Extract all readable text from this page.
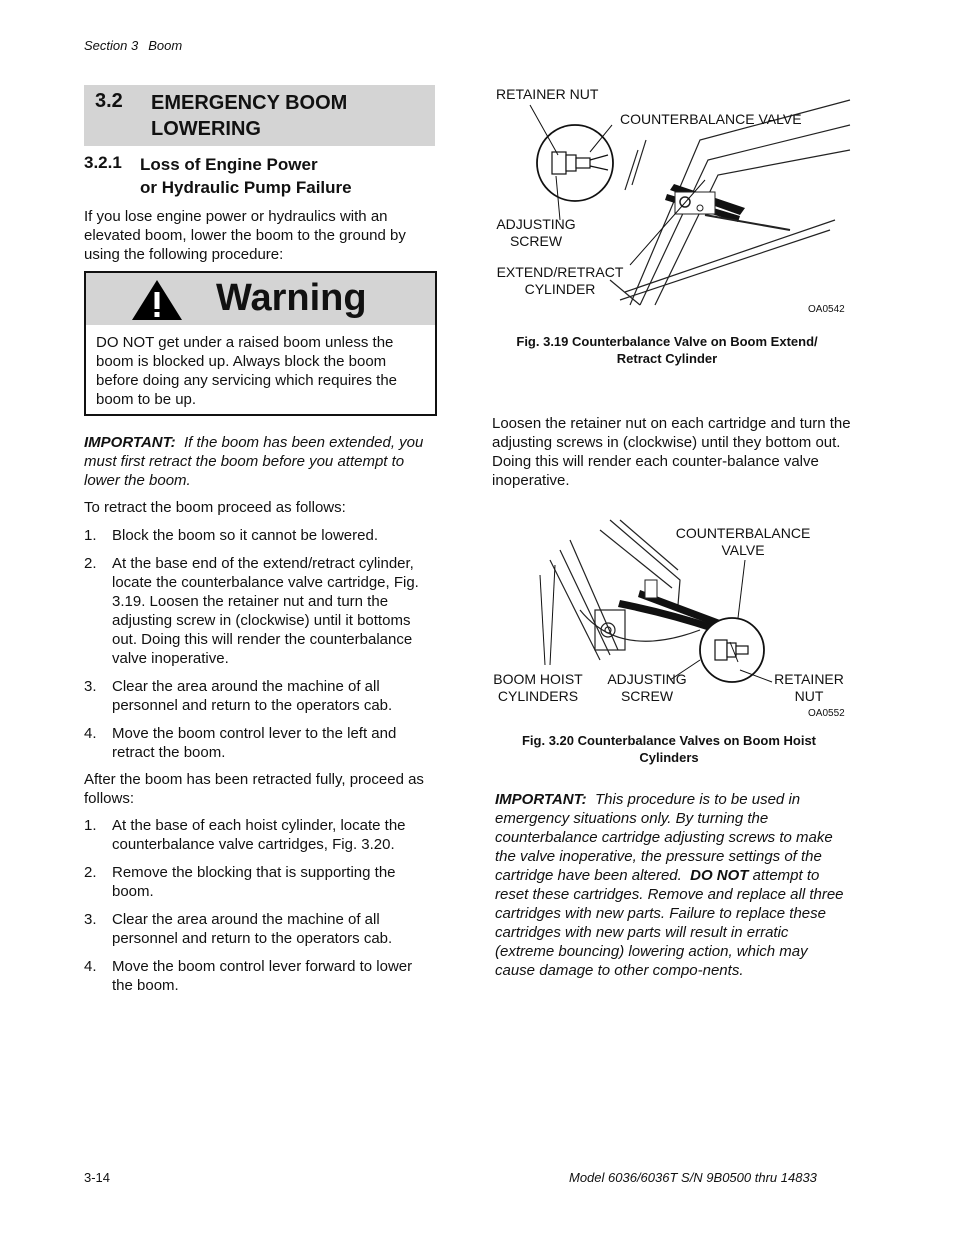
Section 3 Boom
3.2 EMERGENCY BOOM LOWERING
3.2.1 Loss of Engine Power
or Hydraulic Pump Failure
If you lose engine power or hydraulics with an elevated boom, lower the boom to the ground by using the following procedure:
Warning
DO NOT get under a raised boom unless the boom is blocked up. Always block the boom before doing any servicing which requires the boom to be up.
IMPORTANT: If the boom has been extended, you must first retract the boom before you attempt to lower the boom.
To retract the boom proceed as follows:
1. Block the boom so it cannot be lowered.
2. At the base end of the extend/retract cylinder, locate the counterbalance valve cartridge, Fig. 3.19. Loosen the retainer nut and turn the adjusting screw in (clockwise) until it bottoms out. Doing this will render the counterbalance valve inoperative.
3. Clear the area around the machine of all personnel and return to the operators cab.
4. Move the boom control lever to the left and retract the boom.
After the boom has been retracted fully, proceed as follows:
1. At the base of each hoist cylinder, locate the counterbalance valve cartridges, Fig. 3.20.
2. Remove the blocking that is supporting the boom.
3. Clear the area around the machine of all personnel and return to the operators cab.
4. Move the boom control lever forward to lower the boom.
RETAINER NUT
COUNTERBALANCE VALVE
ADJUSTING
SCREW
EXTEND/RETRACT
CYLINDER
OA0542
Fig. 3.19 Counterbalance Valve on Boom Extend/
Retract Cylinder
Loosen the retainer nut on each cartridge and turn the adjusting screws in (clockwise) until they bottom out. Doing this will render each counter-balance valve inoperative.
COUNTERBALANCE
VALVE
BOOM HOIST
CYLINDERS
ADJUSTING
SCREW
RETAINER
NUT
OA0552
Fig. 3.20 Counterbalance Valves on Boom Hoist
Cylinders
IMPORTANT: This procedure is to be used in emergency situations only. By turning the counterbalance cartridge adjusting screws to make the valve inoperative, the pressure settings of the cartridge have been altered. DO NOT attempt to reset these cartridges. Remove and replace all three cartridges with new parts. Failure to replace these cartridges with new parts will result in erratic (extreme bouncing) lowering action, which may cause damage to other compo-nents.
3-14	Model 6036/6036T S/N 9B0500 thru 14833
